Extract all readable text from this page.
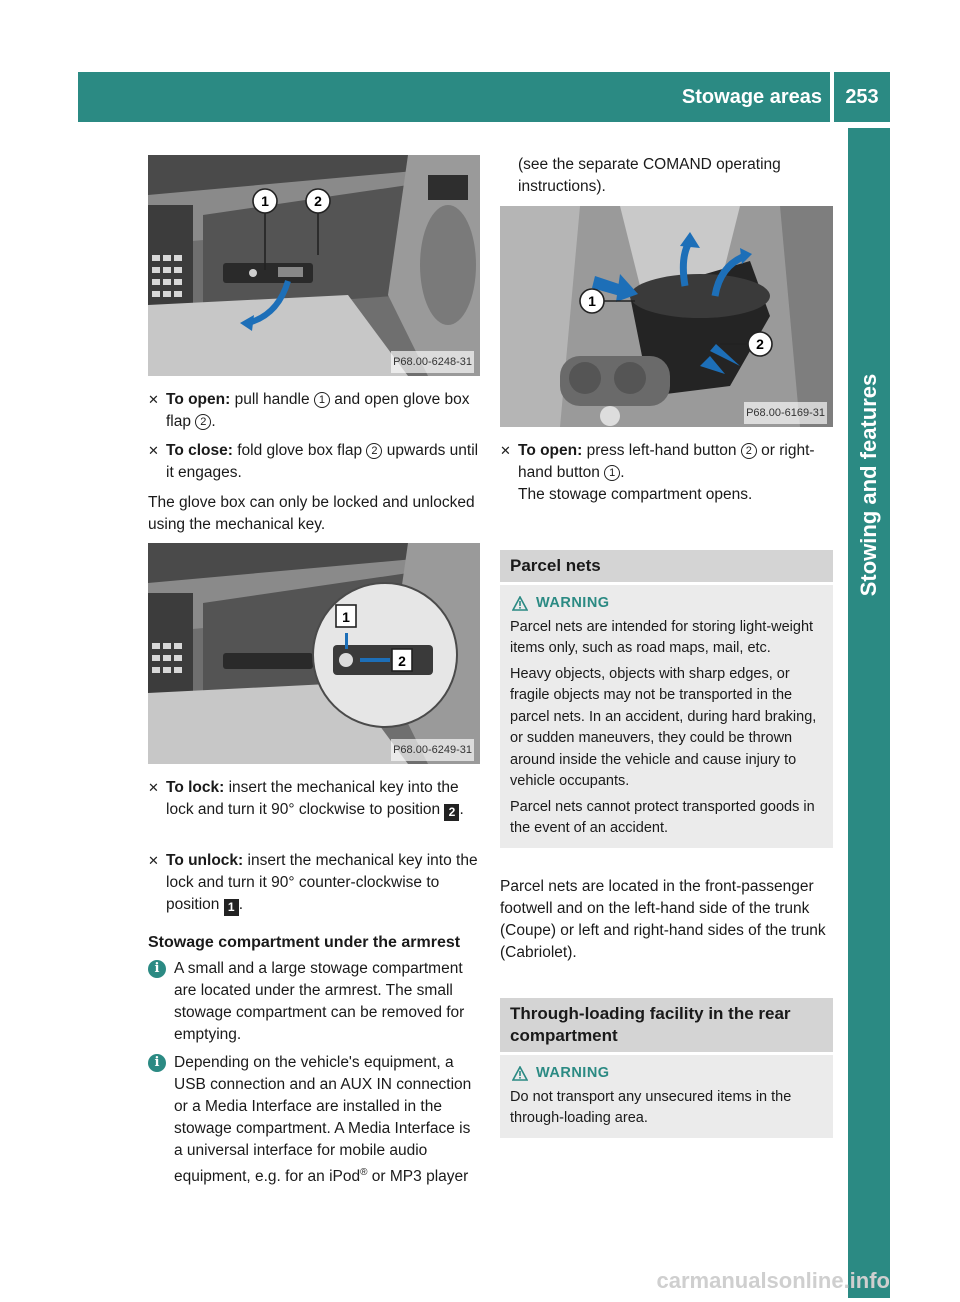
Stowage areas	253
Stowing and features
1	2
P68.00-6248-31
✕ To open: pull handle 1 and open glove box flap 2 .
✕ To close: fold glove box flap 2 upwards until it engages.
The glove box can only be locked and unlocked using the mechanical key.
1
2
P68.00-6249-31
✕ To lock: insert the mechanical key into the lock and turn it 90° clockwise to position 2 .
✕ To unlock: insert the mechanical key into the lock and turn it 90° counter-clockwise to position 1 .
Stowage compartment under the armrest
i A small and a large stowage compartment are located under the armrest. The small stowage compartment can be removed for emptying.
i Depending on the vehicle's equipment, a USB connection and an AUX IN connection or a Media Interface are installed in the stowage compartment. A Media Interface is a universal interface for mobile audio equipment, e.g. for an iPod® or MP3 player
(see the separate COMAND operating instructions).
1
2
P68.00-6169-31
✕ To open: press left-hand button 2 or right-hand button 1 .
The stowage compartment opens.
Parcel nets
WARNING
Parcel nets are intended for storing light-weight items only, such as road maps, mail, etc.
Heavy objects, objects with sharp edges, or fragile objects may not be transported in the parcel nets. In an accident, during hard braking, or sudden maneuvers, they could be thrown around inside the vehicle and cause injury to vehicle occupants.
Parcel nets cannot protect transported goods in the event of an accident.
Parcel nets are located in the front-passenger footwell and on the left-hand side of the trunk (Coupe) or left and right-hand sides of the trunk (Cabriolet).
Through-loading facility in the rear compartment
WARNING
Do not transport any unsecured items in the through-loading area.
carmanualsonline.info
